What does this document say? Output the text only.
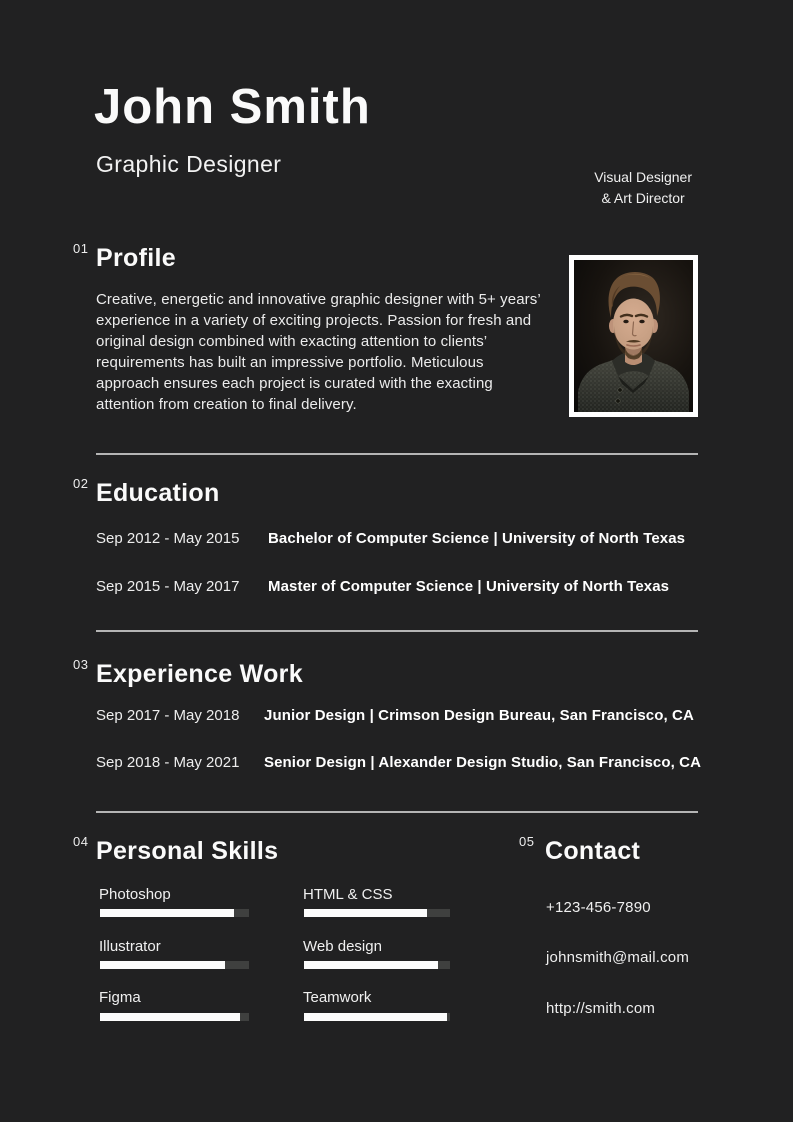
John Smith
Graphic Designer	Visual Designer
& Art Director
01 Profile
Creative, energetic and innovative graphic designer with 5+ years’ experience in a variety of exciting projects. Passion for fresh and original design combined with exacting attention to clients’ requirements has built an impressive portfolio. Meticulous approach ensures each project is curated with the exacting attention from creation to final delivery.
02 Education
Sep 2012 - May 2015 Bachelor of Computer Science | University of North Texas
Sep 2015 - May 2017 Master of Computer Science | University of North Texas
03 Experience Work
Sep 2017 - May 2018 Junior Design | Crimson Design Bureau, San Francisco, CA
Sep 2018 - May 2021 Senior Design | Alexander Design Studio, San Francisco, CA
04 Personal Skills
Photoshop
Illustrator
Figma
HTML & CSS
Web design
Teamwork
05 Contact
+123-456-7890
johnsmith@mail.com
http://smith.com
